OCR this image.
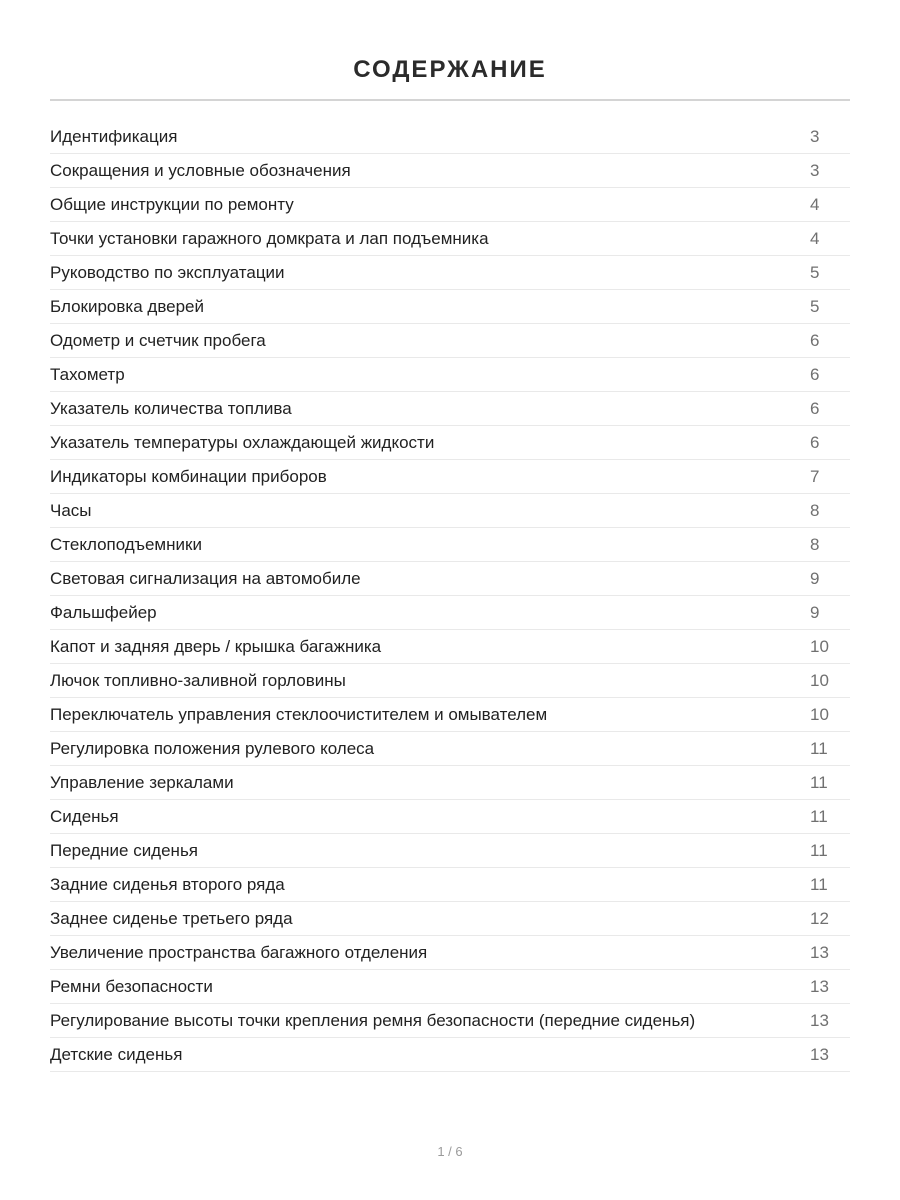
СОДЕРЖАНИЕ
Идентификация	3
Сокращения и условные обозначения	3
Общие инструкции по ремонту	4
Точки установки гаражного домкрата и лап подъемника	4
Руководство по эксплуатации	5
Блокировка дверей	5
Одометр и счетчик пробега	6
Тахометр	6
Указатель количества топлива	6
Указатель температуры охлаждающей жидкости	6
Индикаторы комбинации приборов	7
Часы	8
Стеклоподъемники	8
Световая сигнализация на автомобиле	9
Фальшфейер	9
Капот и задняя дверь / крышка багажника	10
Лючок топливно-заливной горловины	10
Переключатель управления стеклоочистителем и омывателем	10
Регулировка положения рулевого колеса	11
Управление зеркалами	11
Сиденья	11
Передние сиденья	11
Задние сиденья второго ряда	11
Заднее сиденье третьего ряда	12
Увеличение пространства багажного отделения	13
Ремни безопасности	13
Регулирование высоты точки крепления ремня безопасности (передние сиденья)	13
Детские сиденья	13
1 / 6
